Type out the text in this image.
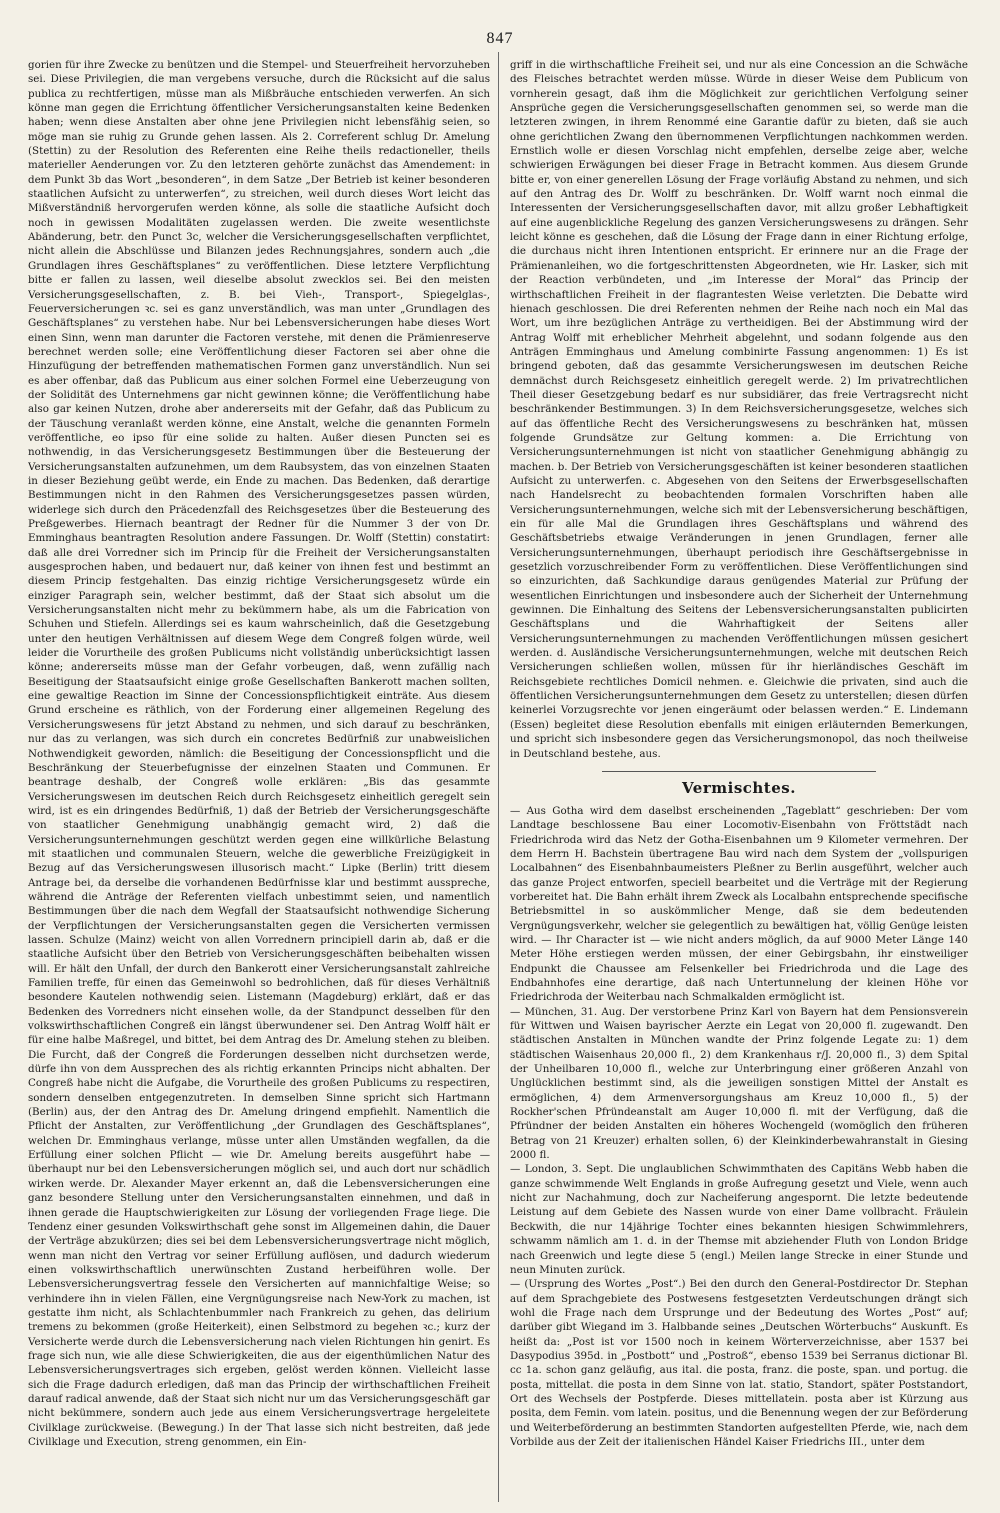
847

gorien für ihre Zwecke zu benützen und die Stempel- und Steuerfreiheit hervorzuheben sei. Diese Privilegien, die man vergebens versuche, durch die Rücksicht auf die salus publica zu rechtfertigen, müsse man als Mißbräuche entschieden verwerfen. An sich könne man gegen die Errichtung öffentlicher Versicherungsanstalten keine Bedenken haben; wenn diese Anstalten aber ohne jene Privilegien nicht lebensfähig seien, so möge man sie ruhig zu Grunde gehen lassen. Als 2. Correferent schlug Dr. Amelung (Stettin) zu der Resolution des Referenten eine Reihe theils redactioneller, theils materieller Aenderungen vor. Zu den letzteren gehörte zunächst das Amendement: in dem Punkt 3b das Wort „besonderen“, in dem Satze „Der Betrieb ist keiner besonderen staatlichen Aufsicht zu unterwerfen“, zu streichen, weil durch dieses Wort leicht das Mißverständniß hervorgerufen werden könne, als solle die staatliche Aufsicht doch noch in gewissen Modalitäten zugelassen werden. Die zweite wesentlichste Abänderung, betr. den Punct 3c, welcher die Versicherungsgesellschaften verpflichtet, nicht allein die Abschlüsse und Bilanzen jedes Rechnungsjahres, sondern auch „die Grundlagen ihres Geschäftsplanes“ zu veröffentlichen. Diese letztere Verpflichtung bitte er fallen zu lassen, weil dieselbe absolut zwecklos sei. Bei den meisten Versicherungsgesellschaften, z. B. bei Vieh-, Transport-, Spiegelglas-, Feuerversicherungen ꝛc. sei es ganz unverständlich, was man unter „Grundlagen des Geschäftsplanes“ zu verstehen habe. Nur bei Lebensversicherungen habe dieses Wort einen Sinn, wenn man darunter die Factoren verstehe, mit denen die Prämienreserve berechnet werden solle; eine Veröffentlichung dieser Factoren sei aber ohne die Hinzufügung der betreffenden mathematischen Formen ganz unverständlich. Nun sei es aber offenbar, daß das Publicum aus einer solchen Formel eine Ueberzeugung von der Solidität des Unternehmens gar nicht gewinnen könne; die Veröffentlichung habe also gar keinen Nutzen, drohe aber andererseits mit der Gefahr, daß das Publicum zu der Täuschung veranlaßt werden könne, eine Anstalt, welche die genannten Formeln veröffentliche, eo ipso für eine solide zu halten. Außer diesen Puncten sei es nothwendig, in das Versicherungsgesetz Bestimmungen über die Besteuerung der Versicherungsanstalten aufzunehmen, um dem Raubsystem, das von einzelnen Staaten in dieser Beziehung geübt werde, ein Ende zu machen. Das Bedenken, daß derartige Bestimmungen nicht in den Rahmen des Versicherungsgesetzes passen würden, widerlege sich durch den Präcedenzfall des Reichsgesetzes über die Besteuerung des Preßgewerbes. Hiernach beantragt der Redner für die Nummer 3 der von Dr. Emminghaus beantragten Resolution andere Fassungen. Dr. Wolff (Stettin) constatirt: daß alle drei Vorredner sich im Princip für die Freiheit der Versicherungsanstalten ausgesprochen haben, und bedauert nur, daß keiner von ihnen fest und bestimmt an diesem Princip festgehalten. Das einzig richtige Versicherungsgesetz würde ein einziger Paragraph sein, welcher bestimmt, daß der Staat sich absolut um die Versicherungsanstalten nicht mehr zu bekümmern habe, als um die Fabrication von Schuhen und Stiefeln. Allerdings sei es kaum wahrscheinlich, daß die Gesetzgebung unter den heutigen Verhältnissen auf diesem Wege dem Congreß folgen würde, weil leider die Vorurtheile des großen Publicums nicht vollständig unberücksichtigt lassen könne; andererseits müsse man der Gefahr vorbeugen, daß, wenn zufällig nach Beseitigung der Staatsaufsicht einige große Gesellschaften Bankerott machen sollten, eine gewaltige Reaction im Sinne der Concessionspflichtigkeit einträte. Aus diesem Grund erscheine es räthlich, von der Forderung einer allgemeinen Regelung des Versicherungswesens für jetzt Abstand zu nehmen, und sich darauf zu beschränken, nur das zu verlangen, was sich durch ein concretes Bedürfniß zur unabweislichen Nothwendigkeit geworden, nämlich: die Beseitigung der Concessionspflicht und die Beschränkung der Steuerbefugnisse der einzelnen Staaten und Communen. Er beantrage deshalb, der Congreß wolle erklären: „Bis das gesammte Versicherungswesen im deutschen Reich durch Reichsgesetz einheitlich geregelt sein wird, ist es ein dringendes Bedürfniß, 1) daß der Betrieb der Versicherungsgeschäfte von staatlicher Genehmigung unabhängig gemacht wird, 2) daß die Versicherungsunternehmungen geschützt werden gegen eine willkürliche Belastung mit staatlichen und communalen Steuern, welche die gewerbliche Freizügigkeit in Bezug auf das Versicherungswesen illusorisch macht.“ Lipke (Berlin) tritt diesem Antrage bei, da derselbe die vorhandenen Bedürfnisse klar und bestimmt ausspreche, während die Anträge der Referenten vielfach unbestimmt seien, und namentlich Bestimmungen über die nach dem Wegfall der Staatsaufsicht nothwendige Sicherung der Verpflichtungen der Versicherungsanstalten gegen die Versicherten vermissen lassen. Schulze (Mainz) weicht von allen Vorrednern principiell darin ab, daß er die staatliche Aufsicht über den Betrieb von Versicherungsgeschäften beibehalten wissen will. Er hält den Unfall, der durch den Bankerott einer Versicherungsanstalt zahlreiche Familien treffe, für einen das Gemeinwohl so bedrohlichen, daß für dieses Verhältniß besondere Kautelen nothwendig seien. Listemann (Magdeburg) erklärt, daß er das Bedenken des Vorredners nicht einsehen wolle, da der Standpunct desselben für den volkswirthschaftlichen Congreß ein längst überwundener sei. Den Antrag Wolff hält er für eine halbe Maßregel, und bittet, bei dem Antrag des Dr. Amelung stehen zu bleiben. Die Furcht, daß der Congreß die Forderungen desselben nicht durchsetzen werde, dürfe ihn von dem Aussprechen des als richtig erkannten Princips nicht abhalten. Der Congreß habe nicht die Aufgabe, die Vorurtheile des großen Publicums zu respectiren, sondern denselben entgegenzutreten. In demselben Sinne spricht sich Hartmann (Berlin) aus, der den Antrag des Dr. Amelung dringend empfiehlt. Namentlich die Pflicht der Anstalten, zur Veröffentlichung „der Grundlagen des Geschäftsplanes“, welchen Dr. Emminghaus verlange, müsse unter allen Umständen wegfallen, da die Erfüllung einer solchen Pflicht — wie Dr. Amelung bereits ausgeführt habe — überhaupt nur bei den Lebensversicherungen möglich sei, und auch dort nur schädlich wirken werde. Dr. Alexander Mayer erkennt an, daß die Lebensversicherungen eine ganz besondere Stellung unter den Versicherungsanstalten einnehmen, und daß in ihnen gerade die Hauptschwierigkeiten zur Lösung der vorliegenden Frage liege. Die Tendenz einer gesunden Volkswirthschaft gehe sonst im Allgemeinen dahin, die Dauer der Verträge abzukürzen; dies sei bei dem Lebensversicherungsvertrage nicht möglich, wenn man nicht den Vertrag vor seiner Erfüllung auflösen, und dadurch wiederum einen volkswirthschaftlich unerwünschten Zustand herbeiführen wolle. Der Lebensversicherungsvertrag fessele den Versicherten auf mannichfaltige Weise; so verhindere ihn in vielen Fällen, eine Vergnügungsreise nach New-York zu machen, ist gestatte ihm nicht, als Schlachtenbummler nach Frankreich zu gehen, das delirium tremens zu bekommen (große Heiterkeit), einen Selbstmord zu begehen ꝛc.; kurz der Versicherte werde durch die Lebensversicherung nach vielen Richtungen hin genirt. Es frage sich nun, wie alle diese Schwierigkeiten, die aus der eigenthümlichen Natur des Lebensversicherungsvertrages sich ergeben, gelöst werden können. Vielleicht lasse sich die Frage dadurch erledigen, daß man das Princip der wirthschaftlichen Freiheit darauf radical anwende, daß der Staat sich nicht nur um das Versicherungsgeschäft gar nicht bekümmere, sondern auch jede aus einem Versicherungsvertrage hergeleitete Civilklage zurückweise. (Bewegung.) In der That lasse sich nicht bestreiten, daß jede Civilklage und Execution, streng genommen, ein Ein-

griff in die wirthschaftliche Freiheit sei, und nur als eine Concession an die Schwäche des Fleisches betrachtet werden müsse. Würde in dieser Weise dem Publicum von vornherein gesagt, daß ihm die Möglichkeit zur gerichtlichen Verfolgung seiner Ansprüche gegen die Versicherungsgesellschaften genommen sei, so werde man die letzteren zwingen, in ihrem Renommé eine Garantie dafür zu bieten, daß sie auch ohne gerichtlichen Zwang den übernommenen Verpflichtungen nachkommen werden. Ernstlich wolle er diesen Vorschlag nicht empfehlen, derselbe zeige aber, welche schwierigen Erwägungen bei dieser Frage in Betracht kommen. Aus diesem Grunde bitte er, von einer generellen Lösung der Frage vorläufig Abstand zu nehmen, und sich auf den Antrag des Dr. Wolff zu beschränken. Dr. Wolff warnt noch einmal die Interessenten der Versicherungsgesellschaften davor, mit allzu großer Lebhaftigkeit auf eine augenblickliche Regelung des ganzen Versicherungswesens zu drängen. Sehr leicht könne es geschehen, daß die Lösung der Frage dann in einer Richtung erfolge, die durchaus nicht ihren Intentionen entspricht. Er erinnere nur an die Frage der Prämienanleihen, wo die fortgeschrittensten Abgeordneten, wie Hr. Lasker, sich mit der Reaction verbündeten, und „im Interesse der Moral“ das Princip der wirthschaftlichen Freiheit in der flagrantesten Weise verletzten. Die Debatte wird hienach geschlossen. Die drei Referenten nehmen der Reihe nach noch ein Mal das Wort, um ihre bezüglichen Anträge zu vertheidigen. Bei der Abstimmung wird der Antrag Wolff mit erheblicher Mehrheit abgelehnt, und sodann folgende aus den Anträgen Emminghaus und Amelung combinirte Fassung angenommen: 1) Es ist bringend geboten, daß das gesammte Versicherungswesen im deutschen Reiche demnächst durch Reichsgesetz einheitlich geregelt werde. 2) Im privatrechtlichen Theil dieser Gesetzgebung bedarf es nur subsidiärer, das freie Vertragsrecht nicht beschränkender Bestimmungen. 3) In dem Reichsversicherungsgesetze, welches sich auf das öffentliche Recht des Versicherungswesens zu beschränken hat, müssen folgende Grundsätze zur Geltung kommen: a. Die Errichtung von Versicherungsunternehmungen ist nicht von staatlicher Genehmigung abhängig zu machen. b. Der Betrieb von Versicherungsgeschäften ist keiner besonderen staatlichen Aufsicht zu unterwerfen. c. Abgesehen von den Seitens der Erwerbsgesellschaften nach Handelsrecht zu beobachtenden formalen Vorschriften haben alle Versicherungsunternehmungen, welche sich mit der Lebensversicherung beschäftigen, ein für alle Mal die Grundlagen ihres Geschäftsplans und während des Geschäftsbetriebs etwaige Veränderungen in jenen Grundlagen, ferner alle Versicherungsunternehmungen, überhaupt periodisch ihre Geschäftsergebnisse in gesetzlich vorzuschreibender Form zu veröffentlichen. Diese Veröffentlichungen sind so einzurichten, daß Sachkundige daraus genügendes Material zur Prüfung der wesentlichen Einrichtungen und insbesondere auch der Sicherheit der Unternehmung gewinnen. Die Einhaltung des Seitens der Lebensversicherungsanstalten publicirten Geschäftsplans und die Wahrhaftigkeit der Seitens aller Versicherungsunternehmungen zu machenden Veröffentlichungen müssen gesichert werden. d. Ausländische Versicherungsunternehmungen, welche mit deutschen Reich Versicherungen schließen wollen, müssen für ihr hierländisches Geschäft im Reichsgebiete rechtliches Domicil nehmen. e. Gleichwie die privaten, sind auch die öffentlichen Versicherungsunternehmungen dem Gesetz zu unterstellen; diesen dürfen keinerlei Vorzugsrechte vor jenen eingeräumt oder belassen werden.“ E. Lindemann (Essen) begleitet diese Resolution ebenfalls mit einigen erläuternden Bemerkungen, und spricht sich insbesondere gegen das Versicherungsmonopol, das noch theilweise in Deutschland bestehe, aus.

Vermischtes.

— Aus Gotha wird dem daselbst erscheinenden „Tageblatt“ geschrieben: Der vom Landtage beschlossene Bau einer Locomotiv-Eisenbahn von Fröttstädt nach Friedrichroda wird das Netz der Gotha-Eisenbahnen um 9 Kilometer vermehren. Der dem Herrn H. Bachstein übertragene Bau wird nach dem System der „vollspurigen Localbahnen“ des Eisenbahnbaumeisters Pleßner zu Berlin ausgeführt, welcher auch das ganze Project entworfen, speciell bearbeitet und die Verträge mit der Regierung vorbereitet hat. Die Bahn erhält ihrem Zweck als Localbahn entsprechende specifische Betriebsmittel in so auskömmlicher Menge, daß sie dem bedeutenden Vergnügungsverkehr, welcher sie gelegentlich zu bewältigen hat, völlig Genüge leisten wird. — Ihr Character ist — wie nicht anders möglich, da auf 9000 Meter Länge 140 Meter Höhe erstiegen werden müssen, der einer Gebirgsbahn, ihr einstweiliger Endpunkt die Chaussee am Felsenkeller bei Friedrichroda und die Lage des Endbahnhofes eine derartige, daß nach Untertunnelung der kleinen Höhe vor Friedrichroda der Weiterbau nach Schmalkalden ermöglicht ist.

— München, 31. Aug. Der verstorbene Prinz Karl von Bayern hat dem Pensionsverein für Wittwen und Waisen bayrischer Aerzte ein Legat von 20,000 fl. zugewandt. Den städtischen Anstalten in München wandte der Prinz folgende Legate zu: 1) dem städtischen Waisenhaus 20,000 fl., 2) dem Krankenhaus r/J. 20,000 fl., 3) dem Spital der Unheilbaren 10,000 fl., welche zur Unterbringung einer größeren Anzahl von Unglücklichen bestimmt sind, als die jeweiligen sonstigen Mittel der Anstalt es ermöglichen, 4) dem Armenversorgungshaus am Kreuz 10,000 fl., 5) der Rockher'schen Pfründeanstalt am Auger 10,000 fl. mit der Verfügung, daß die Pfründner der beiden Anstalten ein höheres Wochengeld (womöglich den früheren Betrag von 21 Kreuzer) erhalten sollen, 6) der Kleinkinderbewahranstalt in Giesing 2000 fl.

— London, 3. Sept. Die unglaublichen Schwimmthaten des Capitäns Webb haben die ganze schwimmende Welt Englands in große Aufregung gesetzt und Viele, wenn auch nicht zur Nachahmung, doch zur Nacheiferung angespornt. Die letzte bedeutende Leistung auf dem Gebiete des Nassen wurde von einer Dame vollbracht. Fräulein Beckwith, die nur 14jährige Tochter eines bekannten hiesigen Schwimmlehrers, schwamm nämlich am 1. d. in der Themse mit abziehender Fluth von London Bridge nach Greenwich und legte diese 5 (engl.) Meilen lange Strecke in einer Stunde und neun Minuten zurück.

— (Ursprung des Wortes „Post“.) Bei den durch den General-Postdirector Dr. Stephan auf dem Sprachgebiete des Postwesens festgesetzten Verdeutschungen drängt sich wohl die Frage nach dem Ursprunge und der Bedeutung des Wortes „Post“ auf; darüber gibt Wiegand im 3. Halbbande seines „Deutschen Wörterbuchs“ Auskunft. Es heißt da: „Post ist vor 1500 noch in keinem Wörterverzeichnisse, aber 1537 bei Dasypodius 395d. in „Postbott“ und „Postroß“, ebenso 1539 bei Serranus dictionar Bl. cc 1a. schon ganz geläufig, aus ital. die posta, franz. die poste, span. und portug. die posta, mittellat. die posta in dem Sinne von lat. statio, Standort, später Poststandort, Ort des Wechsels der Postpferde. Dieses mittellatein. posta aber ist Kürzung aus posita, dem Femin. vom latein. positus, und die Benennung wegen der zur Beförderung und Weiterbeförderung an bestimmten Standorten aufgestellten Pferde, wie, nach dem Vorbilde aus der Zeit der italienischen Händel Kaiser Friedrichs III., unter dem
